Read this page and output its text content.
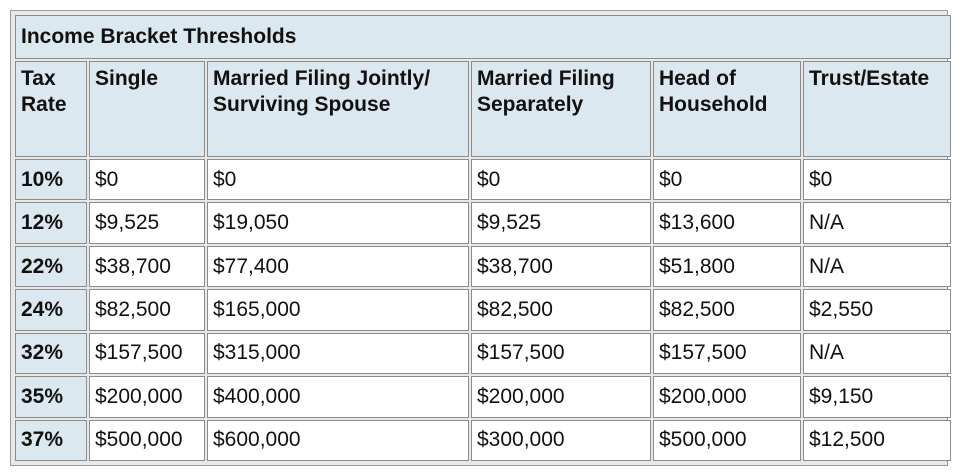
Income Bracket Thresholds					
Tax Rate	Single	Married Filing Jointly/ Surviving Spouse	Married Filing Separately	Head of Household	Trust/Estate
10%	$0	$0	$0	$0	$0
12%	$9,525	$19,050	$9,525	$13,600	N/A
22%	$38,700	$77,400	$38,700	$51,800	N/A
24%	$82,500	$165,000	$82,500	$82,500	$2,550
32%	$157,500	$315,000	$157,500	$157,500	N/A
35%	$200,000	$400,000	$200,000	$200,000	$9,150
37%	$500,000	$600,000	$300,000	$500,000	$12,500
